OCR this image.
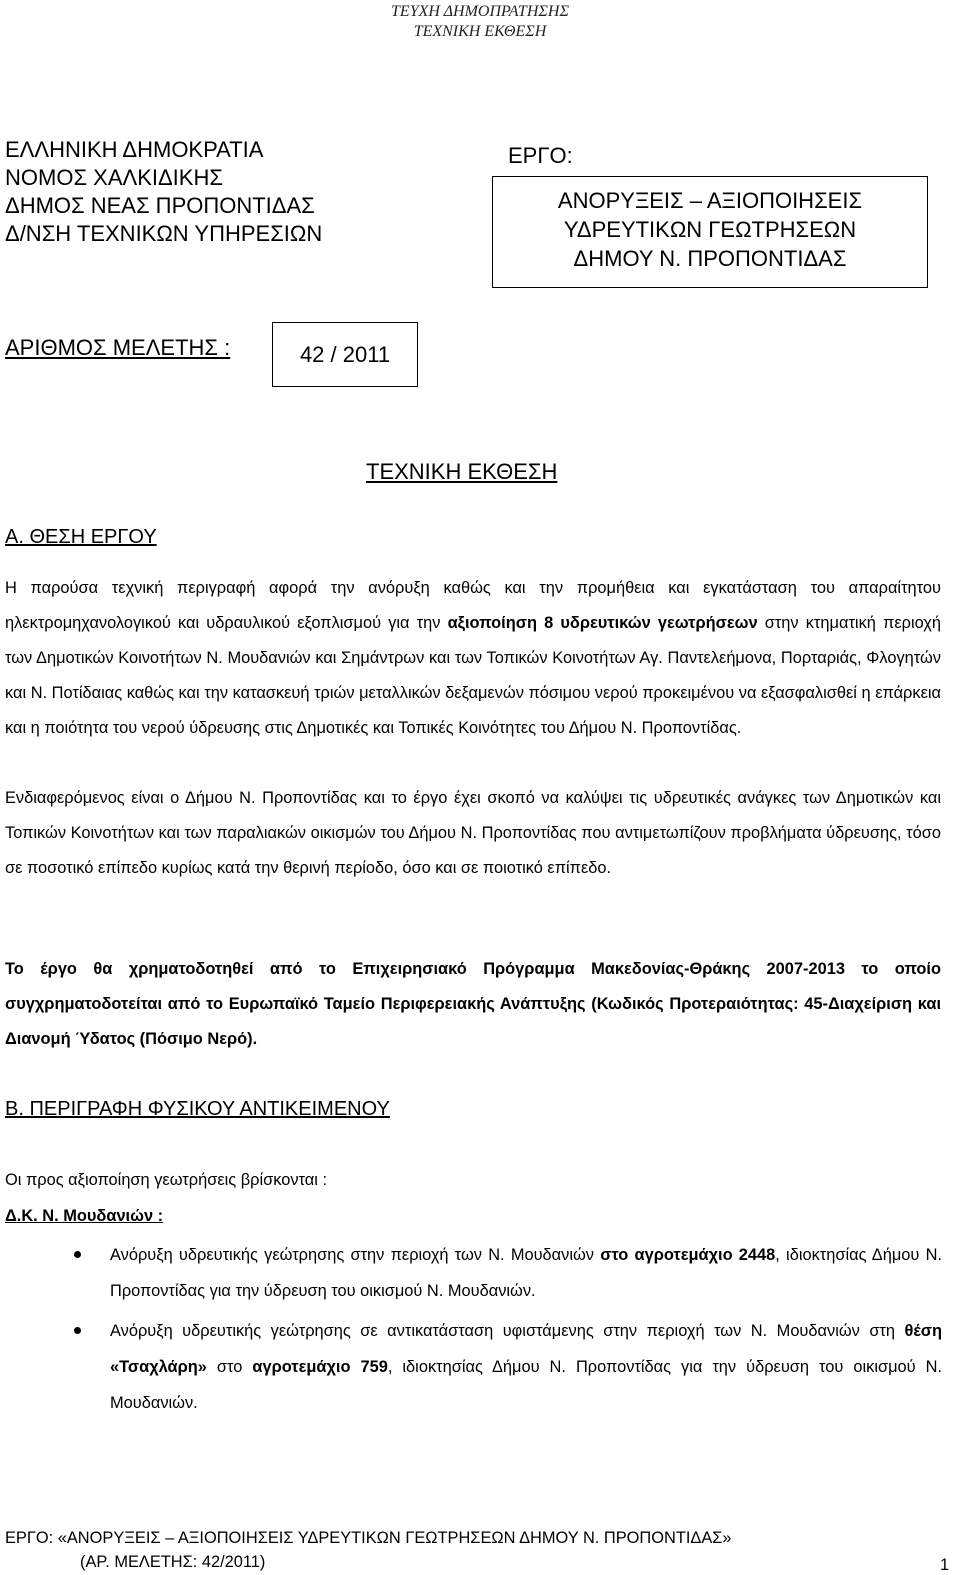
ΤΕΥΧΗ ΔΗΜΟΠΡΑΤΗΣΗΣ
ΤΕΧΝΙΚΗ ΕΚΘΕΣΗ
ΕΛΛΗΝΙΚΗ ΔΗΜΟΚΡΑΤΙΑ
ΝΟΜΟΣ ΧΑΛΚΙΔΙΚΗΣ
ΔΗΜΟΣ ΝΕΑΣ ΠΡΟΠΟΝΤΙΔΑΣ
Δ/ΝΣΗ ΤΕΧΝΙΚΩΝ ΥΠΗΡΕΣΙΩΝ
ΕΡΓΟ:
ΑΝΟΡΥΞΕΙΣ – ΑΞΙΟΠΟΙΗΣΕΙΣ
ΥΔΡΕΥΤΙΚΩΝ ΓΕΩΤΡΗΣΕΩΝ
ΔΗΜΟΥ Ν. ΠΡΟΠΟΝΤΙΔΑΣ
ΑΡΙΘΜΟΣ ΜΕΛΕΤΗΣ :	42 / 2011
ΤΕΧΝΙΚΗ ΕΚΘΕΣΗ
Α. ΘΕΣΗ ΕΡΓΟΥ
Η παρούσα τεχνική περιγραφή αφορά την ανόρυξη καθώς και την προμήθεια και εγκατάσταση του απαραίτητου ηλεκτρομηχανολογικού και υδραυλικού εξοπλισμού για την αξιοποίηση 8 υδρευτικών γεωτρήσεων στην κτηματική περιοχή των Δημοτικών Κοινοτήτων Ν. Μουδανιών και Σημάντρων και των Τοπικών Κοινοτήτων Αγ. Παντελεήμονα, Πορταριάς, Φλογητών και Ν. Ποτίδαιας καθώς και την κατασκευή τριών μεταλλικών δεξαμενών πόσιμου νερού προκειμένου να εξασφαλισθεί η επάρκεια και η ποιότητα του νερού ύδρευσης στις Δημοτικές και Τοπικές Κοινότητες του Δήμου Ν. Προποντίδας.
Ενδιαφερόμενος είναι ο Δήμου Ν. Προποντίδας και το έργο έχει σκοπό να καλύψει τις υδρευτικές ανάγκες των Δημοτικών και Τοπικών Κοινοτήτων και των παραλιακών οικισμών του Δήμου Ν. Προποντίδας που αντιμετωπίζουν προβλήματα ύδρευσης, τόσο σε ποσοτικό επίπεδο κυρίως κατά την θερινή περίοδο, όσο και σε ποιοτικό επίπεδο.
Το έργο θα χρηματοδοτηθεί από το Επιχειρησιακό Πρόγραμμα Μακεδονίας-Θράκης 2007-2013 το οποίο συγχρηματοδοτείται από το Ευρωπαϊκό Ταμείο Περιφερειακής Ανάπτυξης (Κωδικός Προτεραιότητας: 45-Διαχείριση και Διανομή Ύδατος (Πόσιμο Νερό).
Β. ΠΕΡΙΓΡΑΦΗ ΦΥΣΙΚΟΥ ΑΝΤΙΚΕΙΜΕΝΟΥ
Οι προς αξιοποίηση γεωτρήσεις βρίσκονται :
Δ.Κ. Ν. Μουδανιών :
Ανόρυξη υδρευτικής γεώτρησης στην περιοχή των Ν. Μουδανιών στο αγροτεμάχιο 2448, ιδιοκτησίας Δήμου Ν. Προποντίδας για την ύδρευση του οικισμού Ν. Μουδανιών.
Ανόρυξη υδρευτικής γεώτρησης σε αντικατάσταση υφιστάμενης στην περιοχή των Ν. Μουδανιών στη θέση «Τσαχλάρη» στο αγροτεμάχιο 759, ιδιοκτησίας Δήμου Ν. Προποντίδας για την ύδρευση του οικισμού Ν. Μουδανιών.
ΕΡΓΟ: «ΑΝΟΡΥΞΕΙΣ – ΑΞΙΟΠΟΙΗΣΕΙΣ ΥΔΡΕΥΤΙΚΩΝ ΓΕΩΤΡΗΣΕΩΝ ΔΗΜΟΥ Ν. ΠΡΟΠΟΝΤΙΔΑΣ»
(ΑΡ. ΜΕΛΕΤΗΣ: 42/2011)	1
